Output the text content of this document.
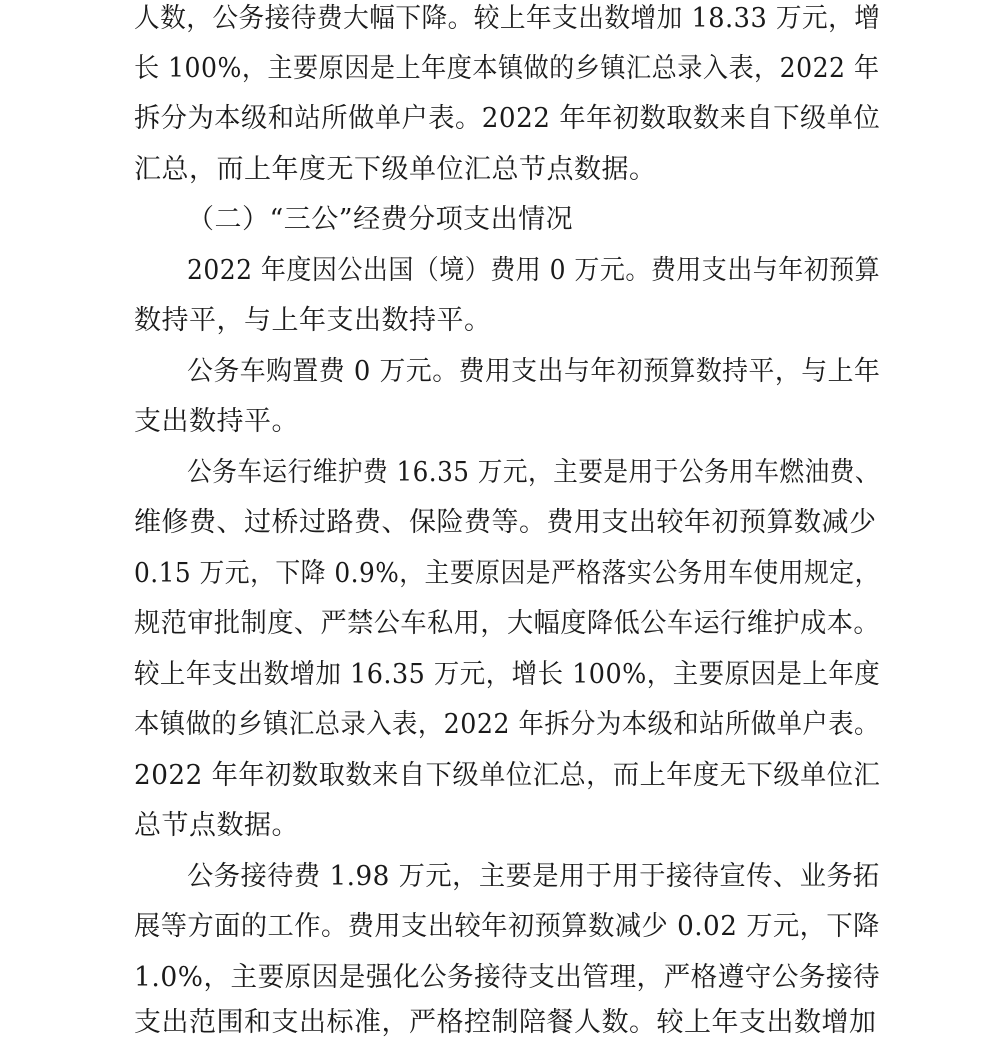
人数，公务接待费大幅下降。较上年支出数增加 18.33 万元，增
长 100%，主要原因是上年度本镇做的乡镇汇总录入表，2022 年
拆分为本级和站所做单户表。2022 年年初数取数来自下级单位
汇总，而上年度无下级单位汇总节点数据。
（二）“三公”经费分项支出情况
2022 年度因公出国（境）费用 0 万元。费用支出与年初预算
数持平，与上年支出数持平。
公务车购置费 0 万元。费用支出与年初预算数持平，与上年
支出数持平。
公务车运行维护费 16.35 万元，主要是用于公务用车燃油费、
维修费、过桥过路费、保险费等。费用支出较年初预算数减少
0.15 万元，下降 0.9%，主要原因是严格落实公务用车使用规定，
规范审批制度、严禁公车私用，大幅度降低公车运行维护成本。
较上年支出数增加 16.35 万元，增长 100%，主要原因是上年度
本镇做的乡镇汇总录入表，2022 年拆分为本级和站所做单户表。
2022 年年初数取数来自下级单位汇总，而上年度无下级单位汇
总节点数据。
公务接待费 1.98 万元，主要是用于用于接待宣传、业务拓
展等方面的工作。费用支出较年初预算数减少 0.02 万元，下降
1.0%，主要原因是强化公务接待支出管理，严格遵守公务接待
支出范围和支出标准，严格控制陪餐人数。较上年支出数增加
